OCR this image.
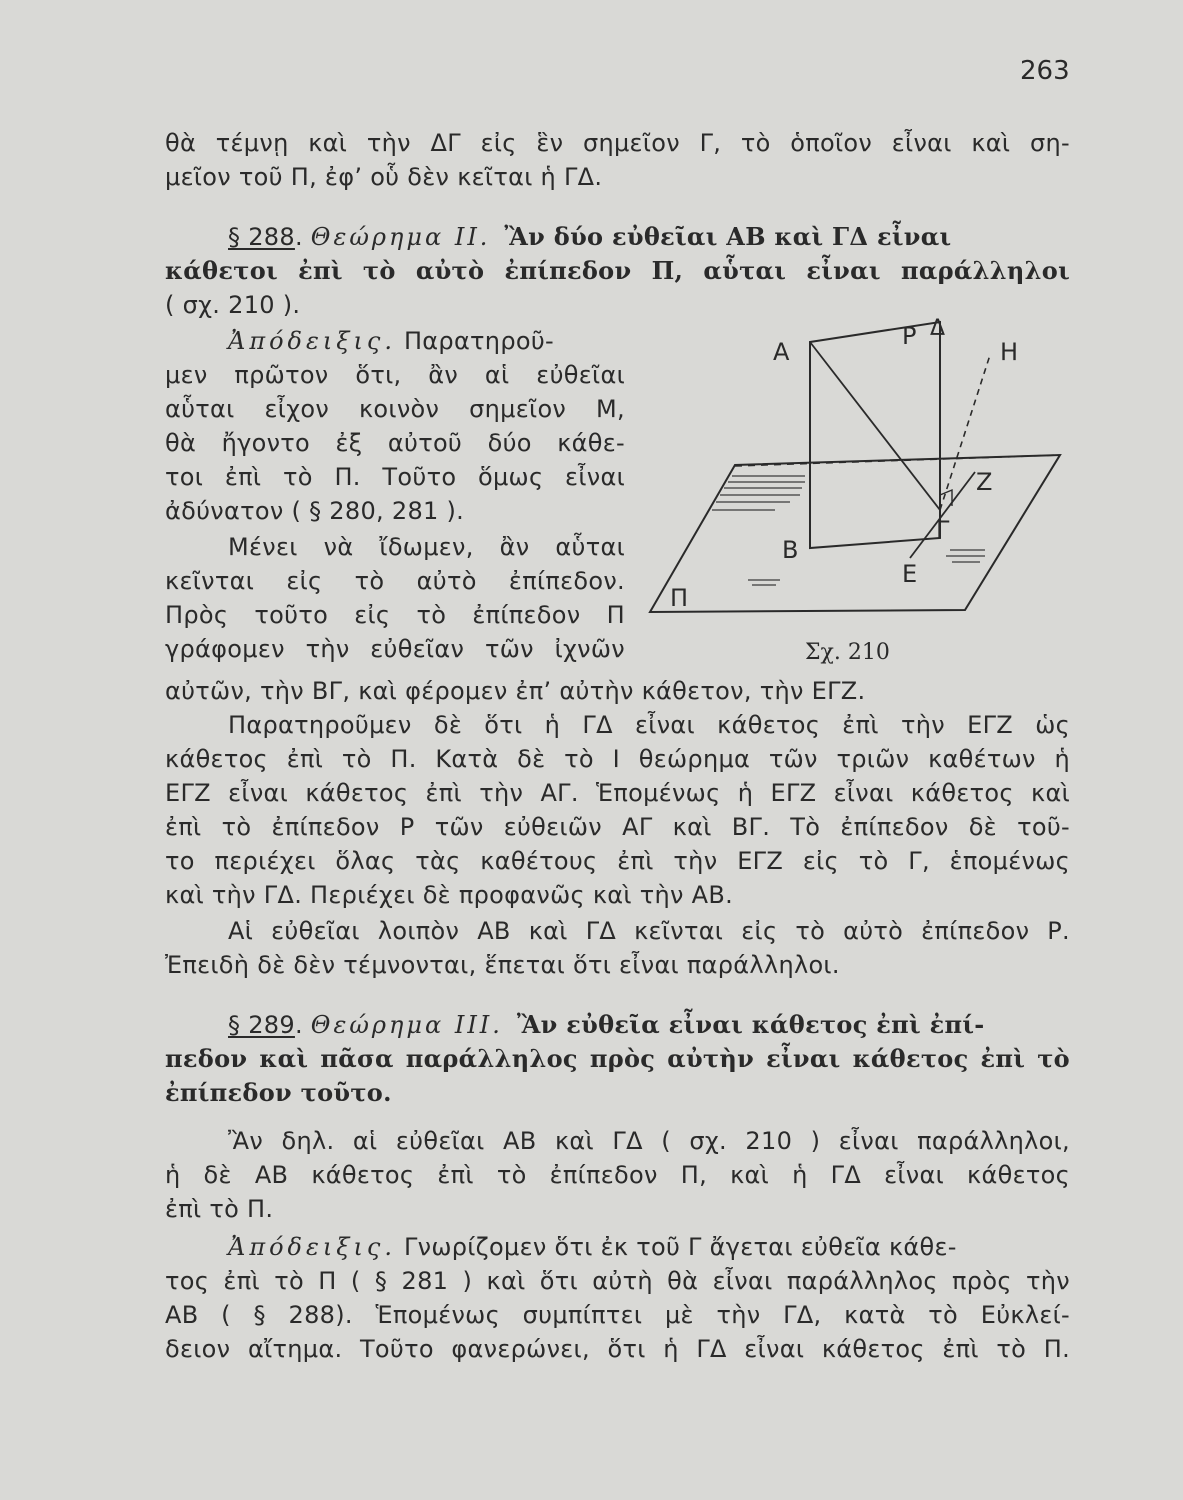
263
θὰ τέμνῃ καὶ τὴν ΔΓ εἰς ἓν σημεῖον Γ, τὸ ὁποῖον εἶναι καὶ ση-
μεῖον τοῦ Π, ἐφ’ οὗ δὲν κεῖται ἡ ΓΔ.
§ 288. Θεώρημα ΙΙ. Ἂν δύο εὐθεῖαι ΑΒ καὶ ΓΔ εἶναι
κάθετοι ἐπὶ τὸ αὐτὸ ἐπίπεδον Π, αὗται εἶναι παράλληλοι
( σχ. 210 ).
Ἀπόδειξις. Παρατηροῦ-
μεν πρῶτον ὅτι, ἂν αἱ εὐθεῖαι
αὗται εἶχον κοινὸν σημεῖον Μ,
θὰ ἤγοντο ἐξ αὐτοῦ δύο κάθε-
τοι ἐπὶ τὸ Π. Τοῦτο ὅμως εἶναι
ἀδύνατον ( § 280, 281 ).
Μένει νὰ ἴδωμεν, ἂν αὗται
κεῖνται εἰς τὸ αὐτὸ ἐπίπεδον.
Πρὸς τοῦτο εἰς τὸ ἐπίπεδον Π
γράφομεν τὴν εὐθεῖαν τῶν ἰχνῶν
αὐτῶν, τὴν ΒΓ, καὶ φέρομεν ἐπ’ αὐτὴν κάθετον, τὴν ΕΓΖ.
Παρατηροῦμεν δὲ ὅτι ἡ ΓΔ εἶναι κάθετος ἐπὶ τὴν ΕΓΖ ὡς
κάθετος ἐπὶ τὸ Π. Κατὰ δὲ τὸ Ι θεώρημα τῶν τριῶν καθέτων ἡ
ΕΓΖ εἶναι κάθετος ἐπὶ τὴν ΑΓ. Ἑπομένως ἡ ΕΓΖ εἶναι κάθετος καὶ
ἐπὶ τὸ ἐπίπεδον Ρ τῶν εὐθειῶν ΑΓ καὶ ΒΓ. Τὸ ἐπίπεδον δὲ τοῦ-
το περιέχει ὅλας τὰς καθέτους ἐπὶ τὴν ΕΓΖ εἰς τὸ Γ, ἑπομένως
καὶ τὴν ΓΔ. Περιέχει δὲ προφανῶς καὶ τὴν ΑΒ.
Αἱ εὐθεῖαι λοιπὸν ΑΒ καὶ ΓΔ κεῖνται εἰς τὸ αὐτὸ ἐπίπεδον Ρ.
Ἐπειδὴ δὲ δὲν τέμνονται, ἕπεται ὅτι εἶναι παράλληλοι.
§ 289. Θεώρημα ΙΙΙ. Ἂν εὐθεῖα εἶναι κάθετος ἐπὶ ἐπί-
πεδον καὶ πᾶσα παράλληλος πρὸς αὐτὴν εἶναι κάθετος ἐπὶ τὸ
ἐπίπεδον τοῦτο.
Ἂν δηλ. αἱ εὐθεῖαι ΑΒ καὶ ΓΔ ( σχ. 210 ) εἶναι παράλληλοι,
ἡ δὲ ΑΒ κάθετος ἐπὶ τὸ ἐπίπεδον Π, καὶ ἡ ΓΔ εἶναι κάθετος
ἐπὶ τὸ Π.
Ἀπόδειξις. Γνωρίζομεν ὅτι ἐκ τοῦ Γ ἄγεται εὐθεῖα κάθε-
τος ἐπὶ τὸ Π ( § 281 ) καὶ ὅτι αὐτὴ θὰ εἶναι παράλληλος πρὸς τὴν
ΑΒ ( § 288). Ἑπομένως συμπίπτει μὲ τὴν ΓΔ, κατὰ τὸ Εὐκλεί-
δειον αἴτημα. Τοῦτο φανερώνει, ὅτι ἡ ΓΔ εἶναι κάθετος ἐπὶ τὸ Π.
Α
Ρ Δ
Η
Ζ
Γ
Β
Ε
Π
Σχ. 210
